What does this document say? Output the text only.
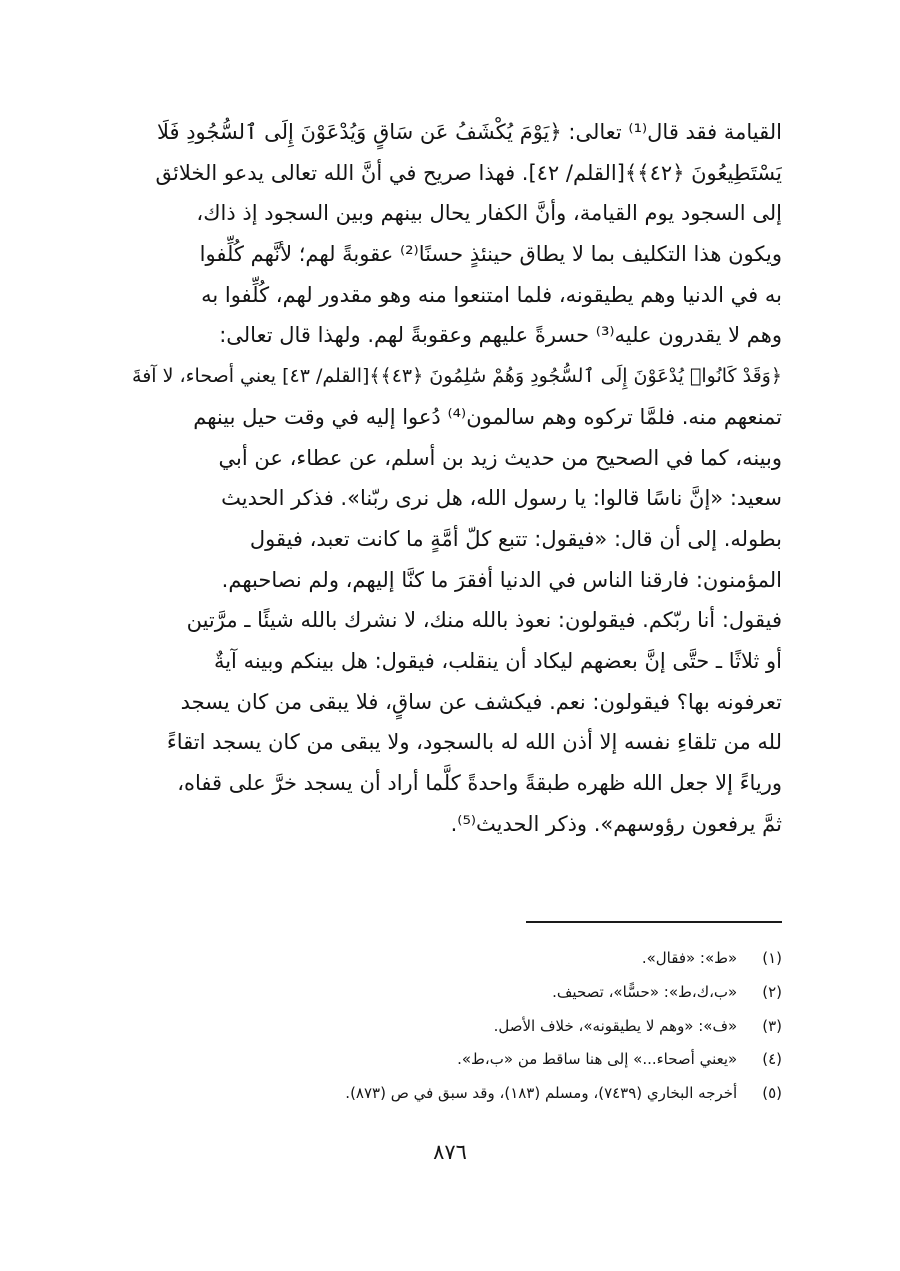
القيامة فقد قال⁽¹⁾ تعالى: ﴿يَوْمَ يُكْشَفُ عَن سَاقٍ وَيُدْعَوْنَ إِلَى ٱلسُّجُودِ فَلَا
يَسْتَطِيعُونَ ﴿٤٢﴾﴾[القلم/ ٤٢]. فهذا صريح في أنَّ الله تعالى يدعو الخلائق
إلى السجود يوم القيامة، وأنَّ الكفار يحال بينهم وبين السجود إذ ذاك،
ويكون هذا التكليف بما لا يطاق حينئذٍ حسنًا⁽²⁾ عقوبةً لهم؛ لأنَّهم كُلِّفوا
به في الدنيا وهم يطيقونه، فلما امتنعوا منه وهو مقدور لهم، كُلِّفوا به
وهم لا يقدرون عليه⁽³⁾ حسرةً عليهم وعقوبةً لهم. ولهذا قال تعالى:
﴿وَقَدْ كَانُوا۟ يُدْعَوْنَ إِلَى ٱلسُّجُودِ وَهُمْ سَٰلِمُونَ ﴿٤٣﴾﴾[القلم/ ٤٣] يعني أصحاء، لا آفةَ
تمنعهم منه. فلمَّا تركوه وهم سالمون⁽⁴⁾ دُعوا إليه في وقت حيل بينهم
وبينه، كما في الصحيح من حديث زيد بن أسلم، عن عطاء، عن أبي
سعيد: «إنَّ ناسًا قالوا: يا رسول الله، هل نرى ربّنا». فذكر الحديث
بطوله. إلى أن قال: «فيقول: تتبع كلّ أمَّةٍ ما كانت تعبد، فيقول
المؤمنون: فارقنا الناس في الدنيا أفقرَ ما كنَّا إليهم، ولم نصاحبهم.
فيقول: أنا ربّكم. فيقولون: نعوذ بالله منك، لا نشرك بالله شيئًا ـ مرَّتين
أو ثلاثًا ـ حتَّى إنَّ بعضهم ليكاد أن ينقلب، فيقول: هل بينكم وبينه آيةٌ
تعرفونه بها؟ فيقولون: نعم. فيكشف عن ساقٍ، فلا يبقى من كان يسجد
لله من تلقاءِ نفسه إلا أذن الله له بالسجود، ولا يبقى من كان يسجد اتقاءً
ورياءً إلا جعل الله ظهره طبقةً واحدةً كلَّما أراد أن يسجد خرَّ على قفاه،
ثمَّ يرفعون رؤوسهم». وذكر الحديث⁽⁵⁾.
(١) «ط»: «فقال».
(٢) «ب،ك،ط»: «حسًّا»، تصحيف.
(٣) «ف»: «وهم لا يطيقونه»، خلاف الأصل.
(٤) «يعني أصحاء...» إلى هنا ساقط من «ب،ط».
(٥) أخرجه البخاري (٧٤٣٩)، ومسلم (١٨٣)، وقد سبق في ص (٨٧٣).
٨٧٦
